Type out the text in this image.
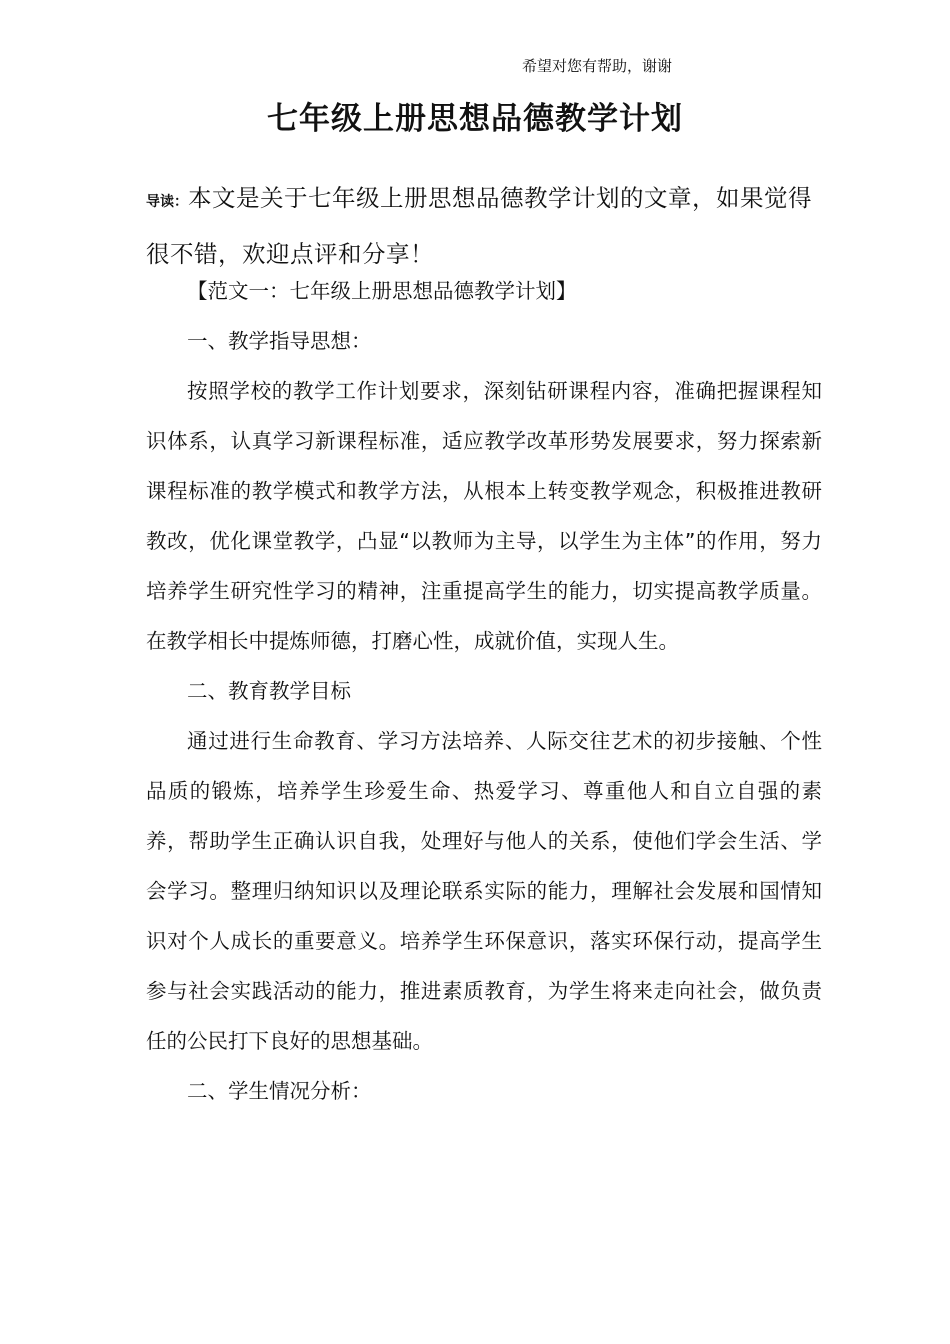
希望对您有帮助，谢谢
七年级上册思想品德教学计划
导读：本文是关于七年级上册思想品德教学计划的文章，如果觉得很不错，欢迎点评和分享！

【范文一：七年级上册思想品德教学计划】

一、教学指导思想：

按照学校的教学工作计划要求，深刻钻研课程内容，准确把握课程知识体系，认真学习新课程标准，适应教学改革形势发展要求，努力探索新课程标准的教学模式和教学方法，从根本上转变教学观念，积极推进教研教改，优化课堂教学，凸显“以教师为主导，以学生为主体”的作用，努力培养学生研究性学习的精神，注重提高学生的能力，切实提高教学质量。在教学相长中提炼师德，打磨心性，成就价值，实现人生。

二、教育教学目标

通过进行生命教育、学习方法培养、人际交往艺术的初步接触、个性品质的锻炼，培养学生珍爱生命、热爱学习、尊重他人和自立自强的素养，帮助学生正确认识自我，处理好与他人的关系，使他们学会生活、学会学习。整理归纳知识以及理论联系实际的能力，理解社会发展和国情知识对个人成长的重要意义。培养学生环保意识，落实环保行动，提高学生参与社会实践活动的能力，推进素质教育，为学生将来走向社会，做负责任的公民打下良好的思想基础。

二、学生情况分析：
